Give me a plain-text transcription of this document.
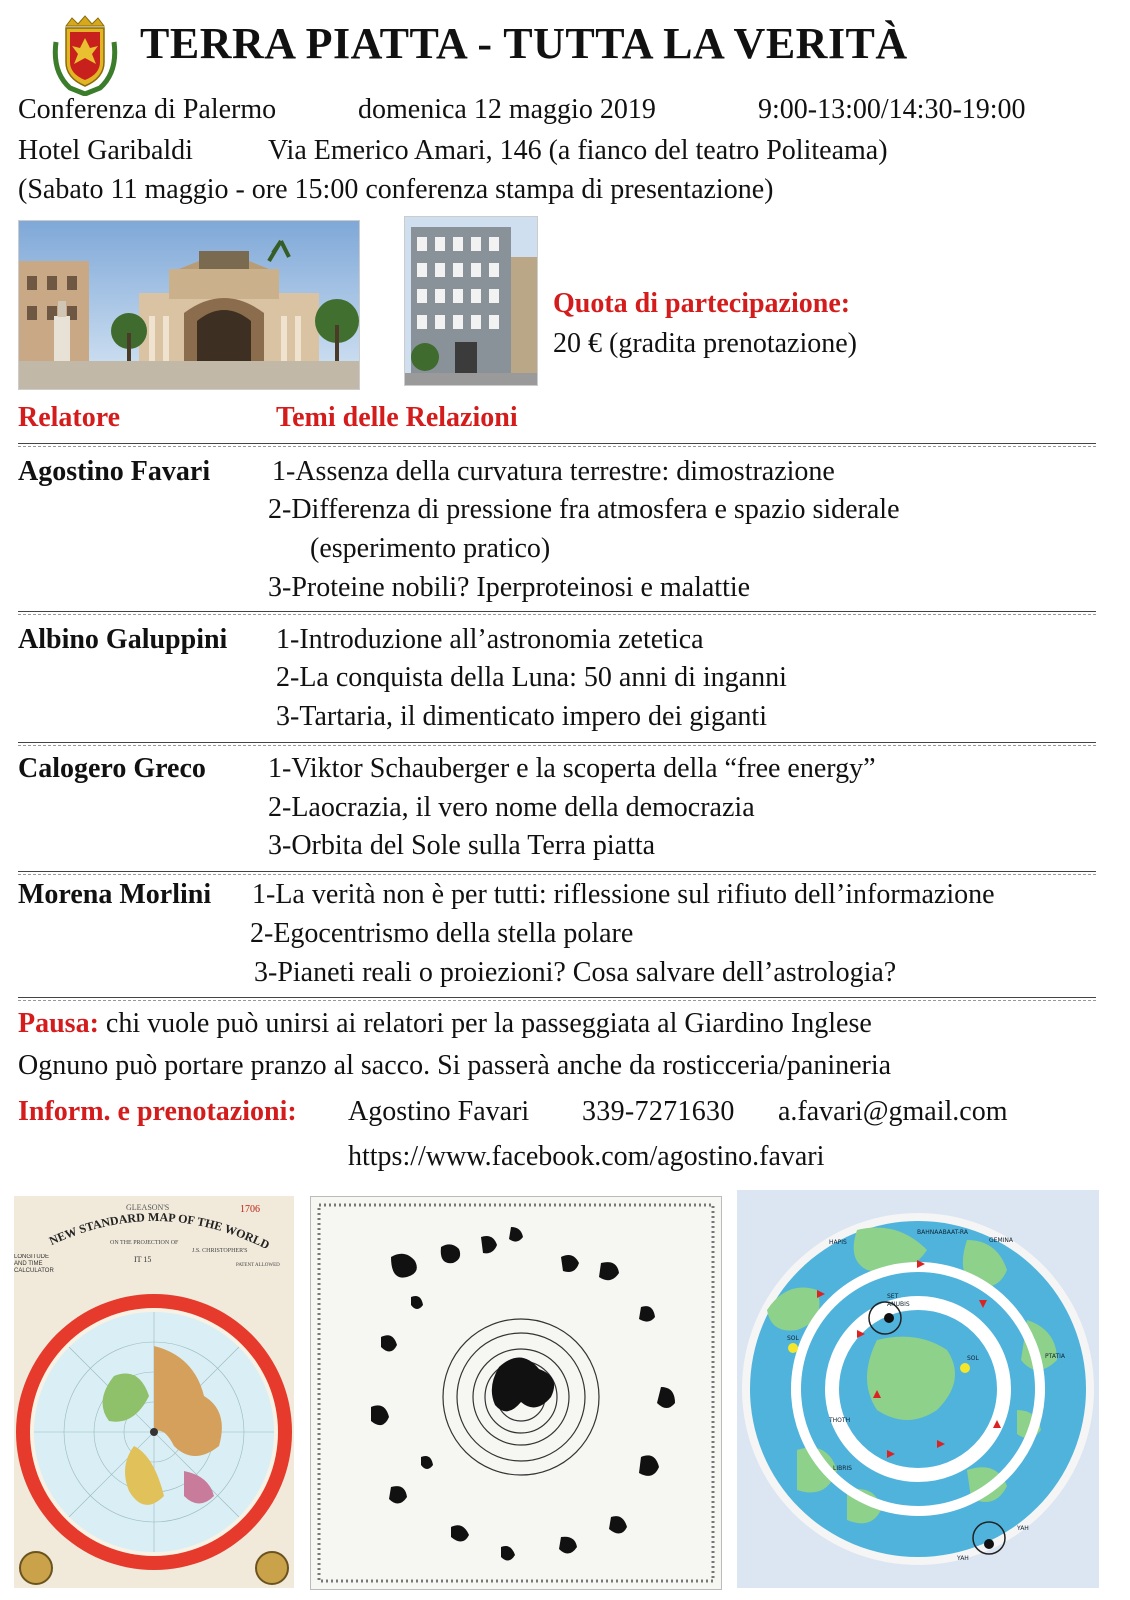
TERRA PIATTA - TUTTA LA VERITÀ
Conferenza di Palermo	domenica 12 maggio 2019	9:00-13:00/14:30-19:00
Hotel Garibaldi	Via Emerico Amari, 146 (a fianco del teatro Politeama)
(Sabato 11 maggio - ore 15:00 conferenza stampa di presentazione)
Quota di partecipazione:
20 € (gradita prenotazione)
Relatore	Temi delle Relazioni
Agostino Favari 1-Assenza della curvatura terrestre: dimostrazione
2-Differenza di pressione fra atmosfera e spazio siderale
(esperimento pratico)
3-Proteine nobili? Iperproteinosi e malattie
Albino Galuppini 1-Introduzione all’astronomia zetetica
2-La conquista della Luna: 50 anni di inganni
3-Tartaria, il dimenticato impero dei giganti
Calogero Greco 1-Viktor Schauberger e la scoperta della “free energy”
2-Laocrazia, il vero nome della democrazia
3-Orbita del Sole sulla Terra piatta
Morena Morlini 1-La verità non è per tutti: riflessione sul rifiuto dell’informazione
2-Egocentrismo della stella polare
3-Pianeti reali o proiezioni? Cosa salvare dell’astrologia?
Pausa: chi vuole può unirsi ai relatori per la passeggiata al Giardino Inglese
Ognuno può portare pranzo al sacco. Si passerà anche da rosticceria/panineria
Inform. e prenotazioni: Agostino Favari 339-7271630 a.favari@gmail.com
https://www.facebook.com/agostino.favari
GLEASON'S	1706
NEW STANDARD MAP OF THE WORLD
ON THE PROJECTION OF
IT 15
J.S. CHRISTOPHER'S
PATENT ALLOWED
LONGITUDE AND TIME CALCULATOR
HAPIS
BAHNAABAAT-RA
GEMINA
SET
ANUBIS
SOL
SOL	PTATIA
THOTH
YAH
YAH
LIBRIS
